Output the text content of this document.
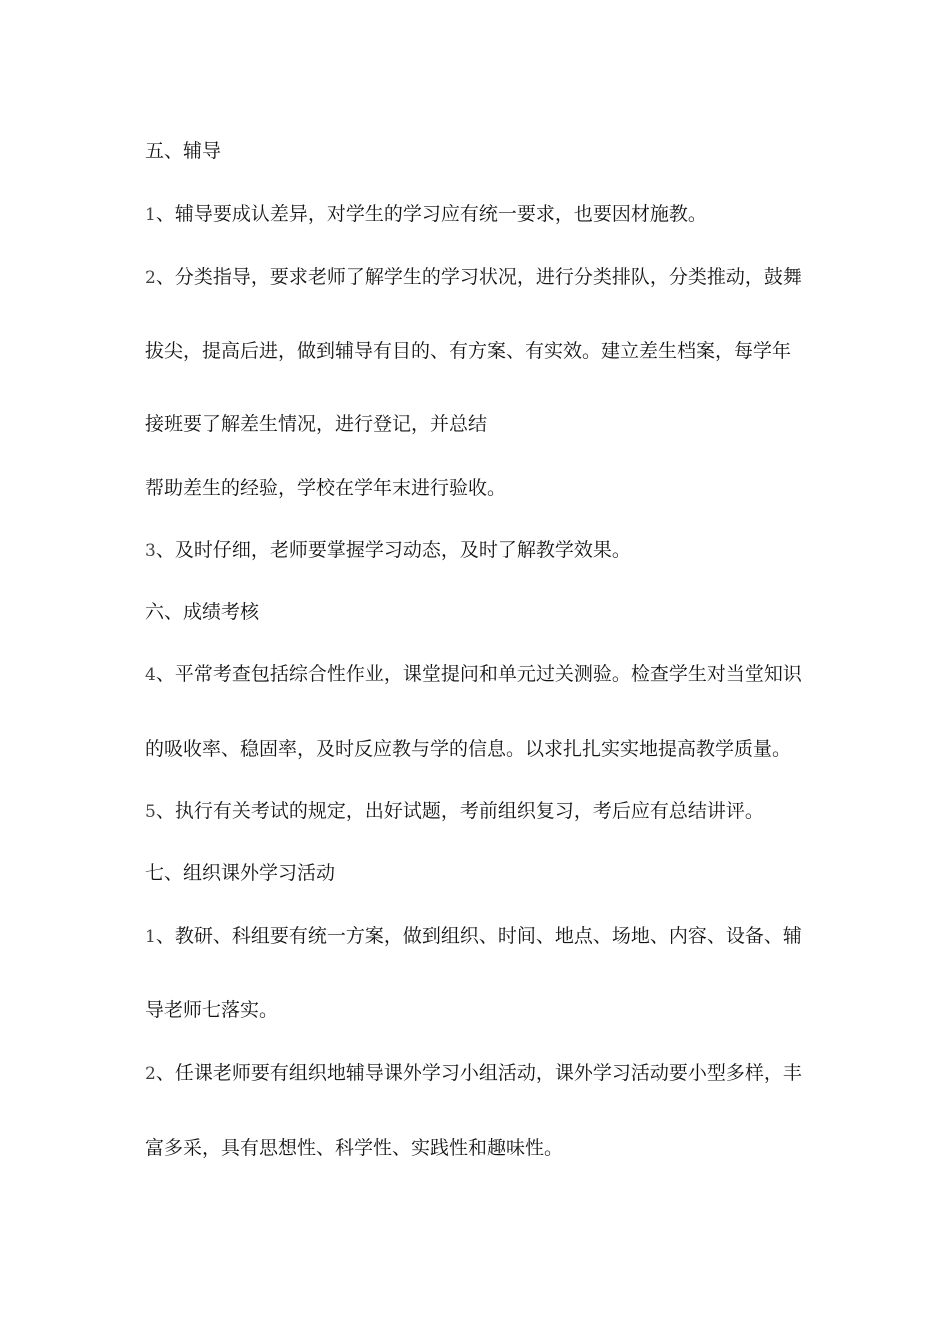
五、辅导
1、辅导要成认差异，对学生的学习应有统一要求，也要因材施教。
2、分类指导，要求老师了解学生的学习状况，进行分类排队，分类推动，鼓舞
拔尖，提高后进，做到辅导有目的、有方案、有实效。建立差生档案，每学年
接班要了解差生情况，进行登记，并总结
帮助差生的经验，学校在学年末进行验收。
3、及时仔细，老师要掌握学习动态，及时了解教学效果。
六、成绩考核
4、平常考查包括综合性作业，课堂提问和单元过关测验。检查学生对当堂知识
的吸收率、稳固率，及时反应教与学的信息。以求扎扎实实地提高教学质量。
5、执行有关考试的规定，出好试题，考前组织复习，考后应有总结讲评。
七、组织课外学习活动
1、教研、科组要有统一方案，做到组织、时间、地点、场地、内容、设备、辅
导老师七落实。
2、任课老师要有组织地辅导课外学习小组活动，课外学习活动要小型多样，丰
富多采，具有思想性、科学性、实践性和趣味性。
